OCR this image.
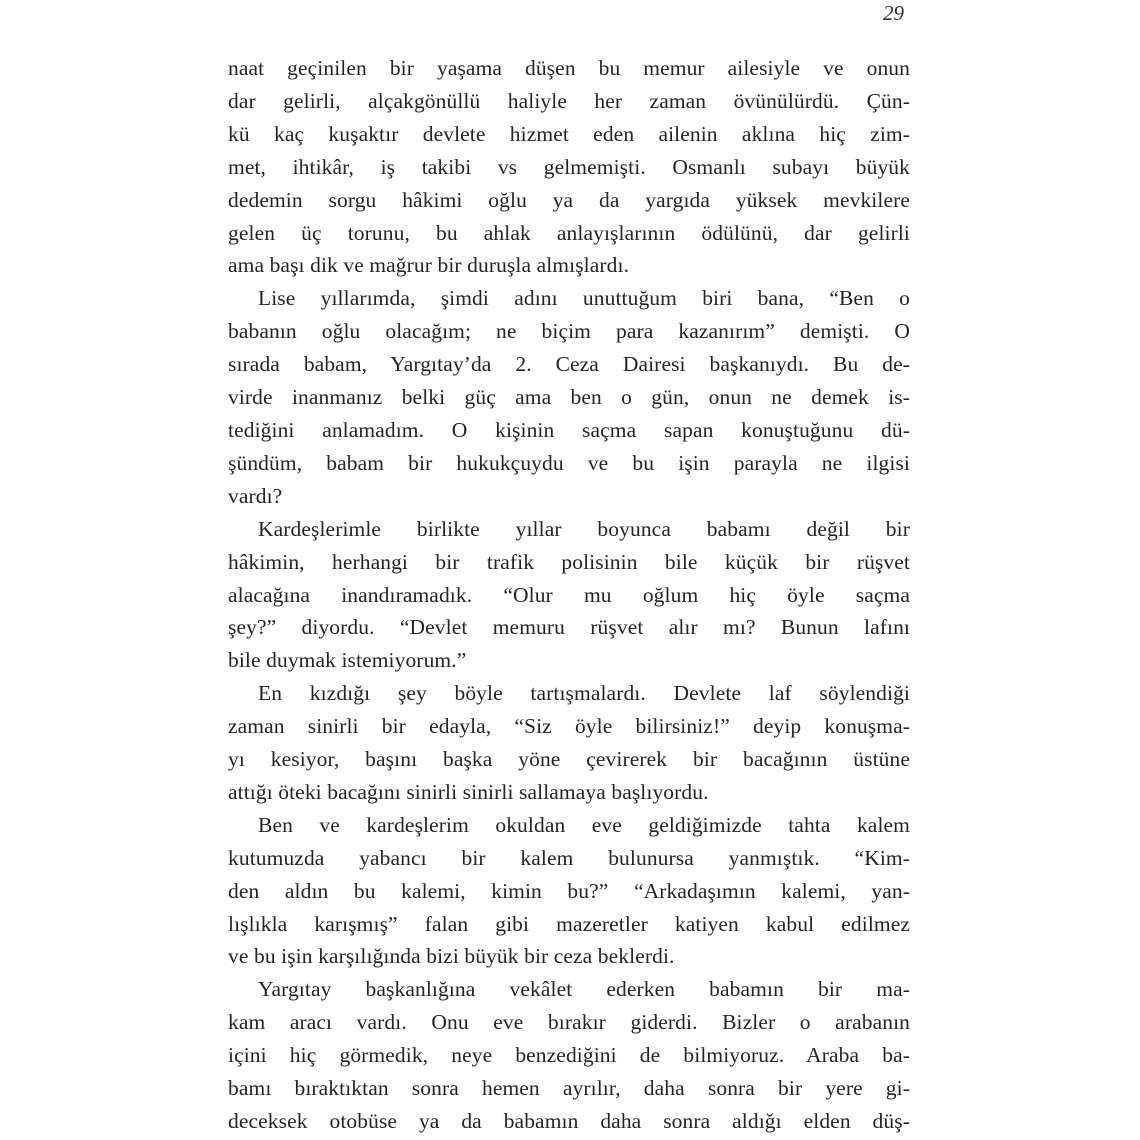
29
naat geçinilen bir yaşama düşen bu memur ailesiyle ve onun
dar gelirli, alçakgönüllü haliyle her zaman övünülürdü. Çün-
kü kaç kuşaktır devlete hizmet eden ailenin aklına hiç zim-
met, ihtikâr, iş takibi vs gelmemişti. Osmanlı subayı büyük
dedemin sorgu hâkimi oğlu ya da yargıda yüksek mevkilere
gelen üç torunu, bu ahlak anlayışlarının ödülünü, dar gelirli
ama başı dik ve mağrur bir duruşla almışlardı.
Lise yıllarımda, şimdi adını unuttuğum biri bana, “Ben o
babanın oğlu olacağım; ne biçim para kazanırım” demişti. O
sırada babam, Yargıtay’da 2. Ceza Dairesi başkanıydı. Bu de-
virde inanmanız belki güç ama ben o gün, onun ne demek is-
tediğini anlamadım. O kişinin saçma sapan konuştuğunu dü-
şündüm, babam bir hukukçuydu ve bu işin parayla ne ilgisi
vardı?
Kardeşlerimle birlikte yıllar boyunca babamı değil bir
hâkimin, herhangi bir trafik polisinin bile küçük bir rüşvet
alacağına inandıramadık. “Olur mu oğlum hiç öyle saçma
şey?” diyordu. “Devlet memuru rüşvet alır mı? Bunun lafını
bile duymak istemiyorum.”
En kızdığı şey böyle tartışmalardı. Devlete laf söylendiği
zaman sinirli bir edayla, “Siz öyle bilirsiniz!” deyip konuşma-
yı kesiyor, başını başka yöne çevirerek bir bacağının üstüne
attığı öteki bacağını sinirli sinirli sallamaya başlıyordu.
Ben ve kardeşlerim okuldan eve geldiğimizde tahta kalem
kutumuzda yabancı bir kalem bulunursa yanmıştık. “Kim-
den aldın bu kalemi, kimin bu?” “Arkadaşımın kalemi, yan-
lışlıkla karışmış” falan gibi mazeretler katiyen kabul edilmez
ve bu işin karşılığında bizi büyük bir ceza beklerdi.
Yargıtay başkanlığına vekâlet ederken babamın bir ma-
kam aracı vardı. Onu eve bırakır giderdi. Bizler o arabanın
içini hiç görmedik, neye benzediğini de bilmiyoruz. Araba ba-
bamı bıraktıktan sonra hemen ayrılır, daha sonra bir yere gi-
deceksek otobüse ya da babamın daha sonra aldığı elden düş-
